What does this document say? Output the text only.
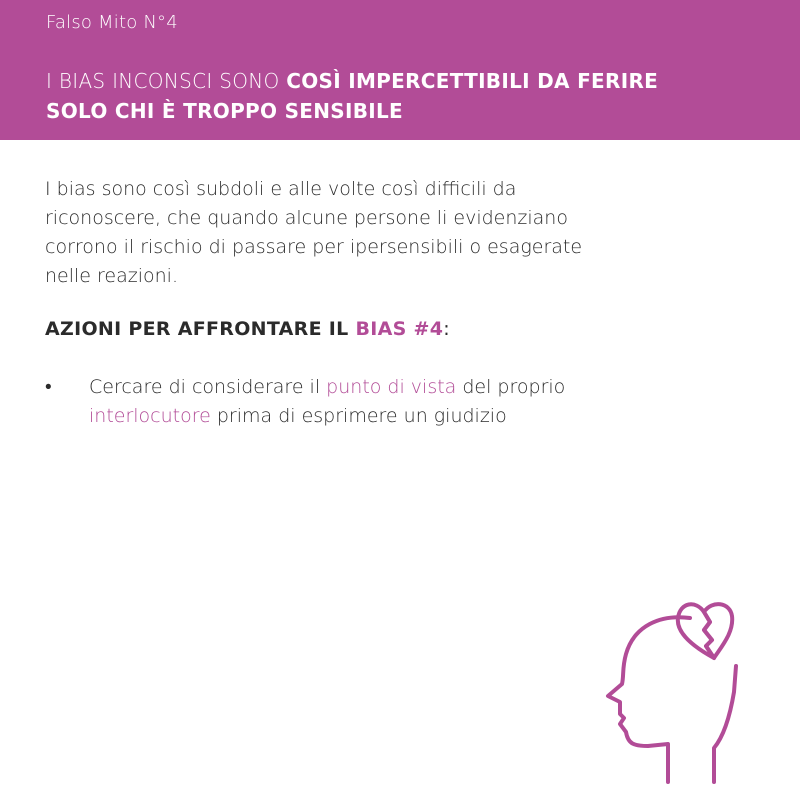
Falso Mito N°4
I BIAS INCONSCI SONO COSÌ IMPERCETTIBILI DA FERIRE
SOLO CHI È TROPPO SENSIBILE

I bias sono così subdoli e alle volte così difficili da

riconoscere, che quando alcune persone li evidenziano

corrono il rischio di passare per ipersensibili o esagerate

nelle reazioni.

AZIONI PER AFFRONTARE IL BIAS #4:
• Cercare di considerare il punto di vista del proprio
interlocutore prima di esprimere un giudizio
